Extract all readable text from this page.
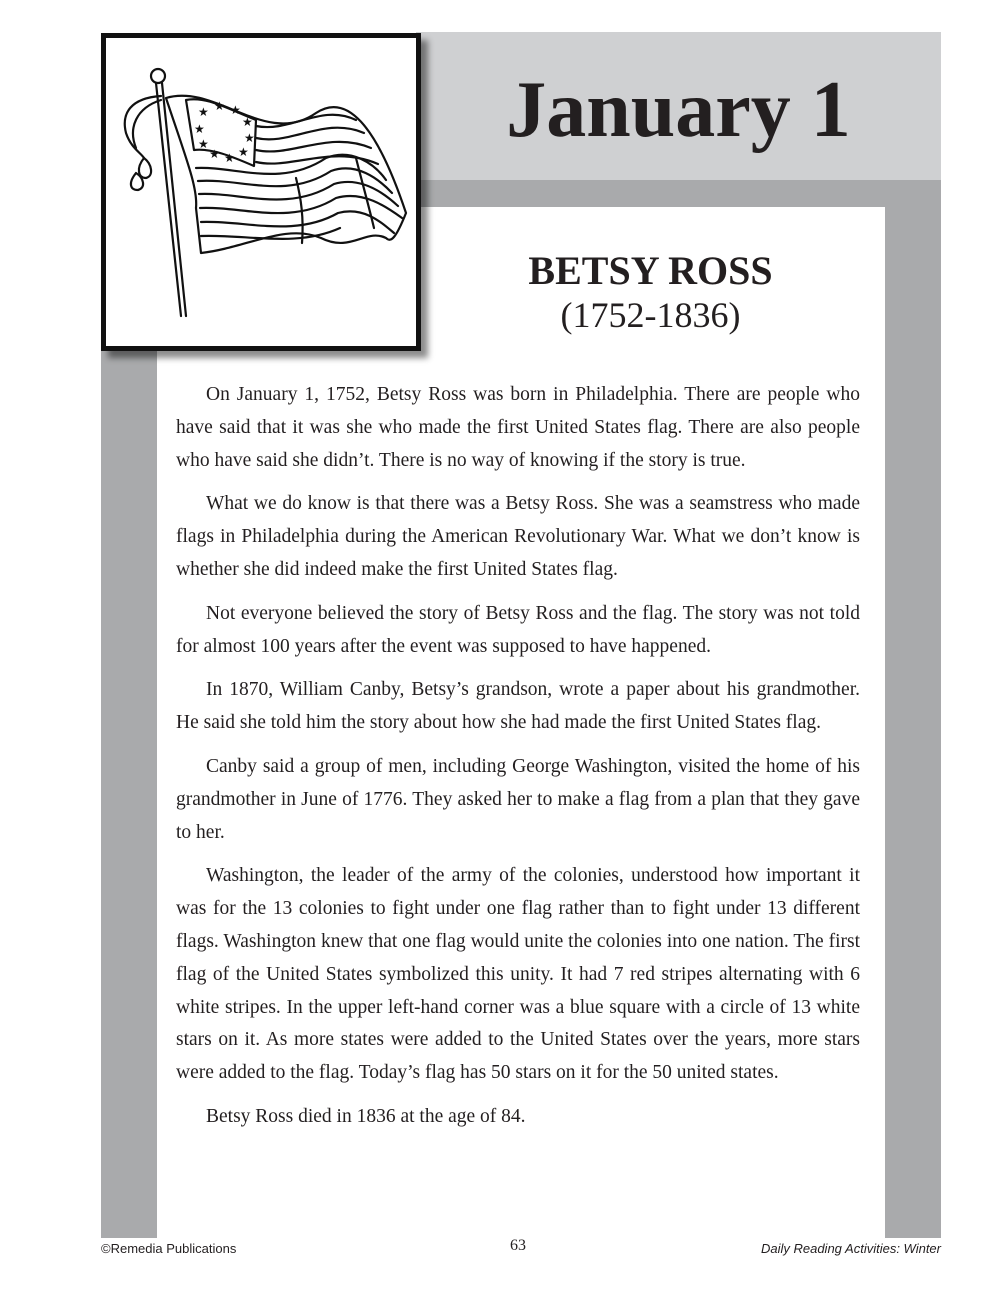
January 1
★ ★ ★
★
★
★
★
★
★
★
BETSY ROSS
(1752-1836)

On January 1, 1752, Betsy Ross was born in Philadelphia. There are people who have said that it was she who made the first United States flag. There are also people who have said she didn’t. There is no way of knowing if the story is true.

What we do know is that there was a Betsy Ross. She was a seamstress who made flags in Philadelphia during the American Revolutionary War. What we don’t know is whether she did indeed make the first United States flag.

Not everyone believed the story of Betsy Ross and the flag. The story was not told for almost 100 years after the event was supposed to have happened.

In 1870, William Canby, Betsy’s grandson, wrote a paper about his grandmother. He said she told him the story about how she had made the first United States flag.

Canby said a group of men, including George Washington, visited the home of his grandmother in June of 1776. They asked her to make a flag from a plan that they gave to her.

Washington, the leader of the army of the colonies, understood how important it was for the 13 colonies to fight under one flag rather than to fight under 13 different flags. Washington knew that one flag would unite the colonies into one nation. The first flag of the United States symbolized this unity. It had 7 red stripes alternating with 6 white stripes. In the upper left-hand corner was a blue square with a circle of 13 white stars on it. As more states were added to the United States over the years, more stars were added to the flag. Today’s flag has 50 stars on it for the 50 united states.

Betsy Ross died in 1836 at the age of 84.

©Remedia Publications	63	Daily Reading Activities: Winter
